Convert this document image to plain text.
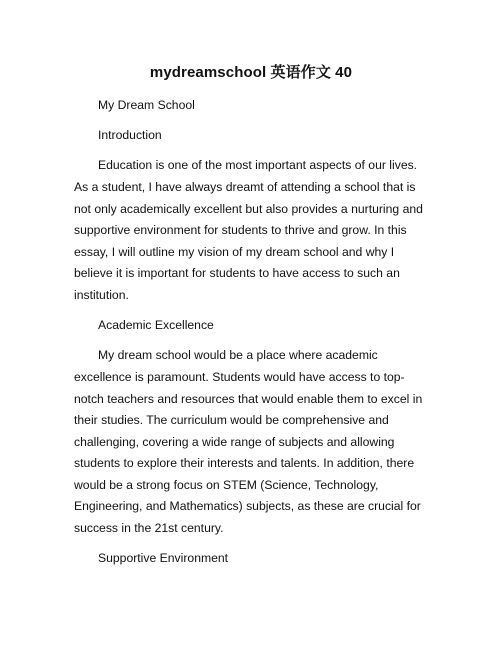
mydreamschool 英语作文 40

My Dream School

Introduction

Education is one of the most important aspects of our lives. As a student, I have always dreamt of attending a school that is not only academically excellent but also provides a nurturing and supportive environment for students to thrive and grow. In this essay, I will outline my vision of my dream school and why I believe it is important for students to have access to such an institution.

Academic Excellence

My dream school would be a place where academic excellence is paramount. Students would have access to top-notch teachers and resources that would enable them to excel in their studies. The curriculum would be comprehensive and challenging, covering a wide range of subjects and allowing students to explore their interests and talents. In addition, there would be a strong focus on STEM (Science, Technology, Engineering, and Mathematics) subjects, as these are crucial for success in the 21st century.

Supportive Environment
